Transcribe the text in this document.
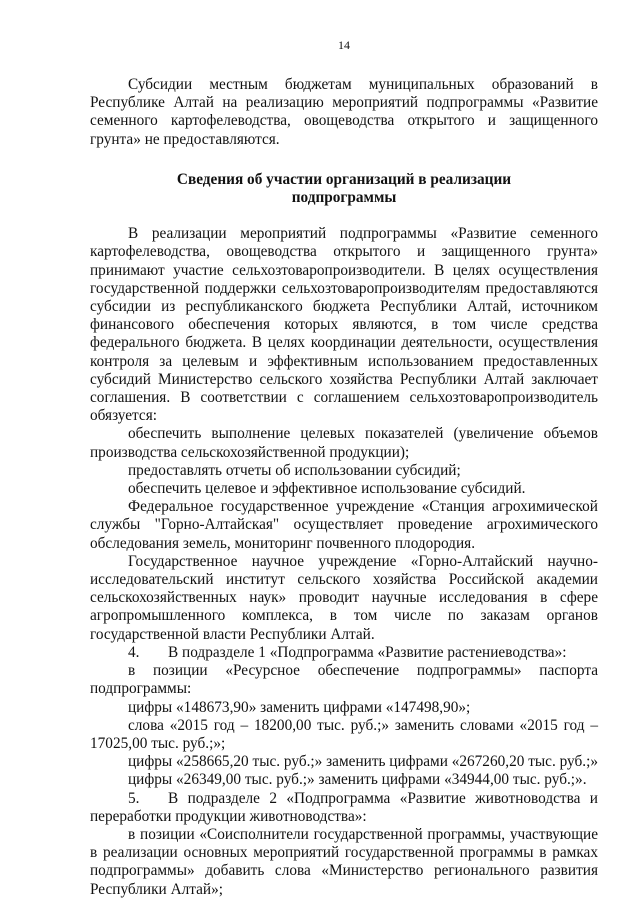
14

Субсидии местным бюджетам муниципальных образований в Республике Алтай на реализацию мероприятий подпрограммы «Развитие семенного картофелеводства, овощеводства открытого и защищенного грунта» не предоставляются.

Сведения об участии организаций в реализации подпрограммы

В реализации мероприятий подпрограммы «Развитие семенного картофелеводства, овощеводства открытого и защищенного грунта» принимают участие сельхозтоваропроизводители. В целях осуществления государственной поддержки сельхозтоваропроизводителям предоставляются субсидии из республиканского бюджета Республики Алтай, источником финансового обеспечения которых являются, в том числе средства федерального бюджета. В целях координации деятельности, осуществления контроля за целевым и эффективным использованием предоставленных субсидий Министерство сельского хозяйства Республики Алтай заключает соглашения. В соответствии с соглашением сельхозтоваропроизводитель обязуется:

обеспечить выполнение целевых показателей (увеличение объемов производства сельскохозяйственной продукции);

предоставлять отчеты об использовании субсидий;

обеспечить целевое и эффективное использование субсидий.

Федеральное государственное учреждение «Станция агрохимической службы "Горно-Алтайская" осуществляет проведение агрохимического обследования земель, мониторинг почвенного плодородия.

Государственное научное учреждение «Горно-Алтайский научно-исследовательский институт сельского хозяйства Российской академии сельскохозяйственных наук» проводит научные исследования в сфере агропромышленного комплекса, в том числе по заказам органов государственной власти Республики Алтай.

4. В подразделе 1 «Подпрограмма «Развитие растениеводства»:

в позиции «Ресурсное обеспечение подпрограммы» паспорта подпрограммы:

цифры «148673,90» заменить цифрами «147498,90»;

слова «2015 год – 18200,00 тыс. руб.;» заменить словами «2015 год – 17025,00 тыс. руб.;»;

цифры «258665,20 тыс. руб.;» заменить цифрами «267260,20 тыс. руб.;»

цифры «26349,00 тыс. руб.;» заменить цифрами «34944,00 тыс. руб.;».

5. В подразделе 2 «Подпрограмма «Развитие животноводства и переработки продукции животноводства»:

в позиции «Соисполнители государственной программы, участвующие в реализации основных мероприятий государственной программы в рамках подпрограммы» добавить слова «Министерство регионального развития Республики Алтай»;
